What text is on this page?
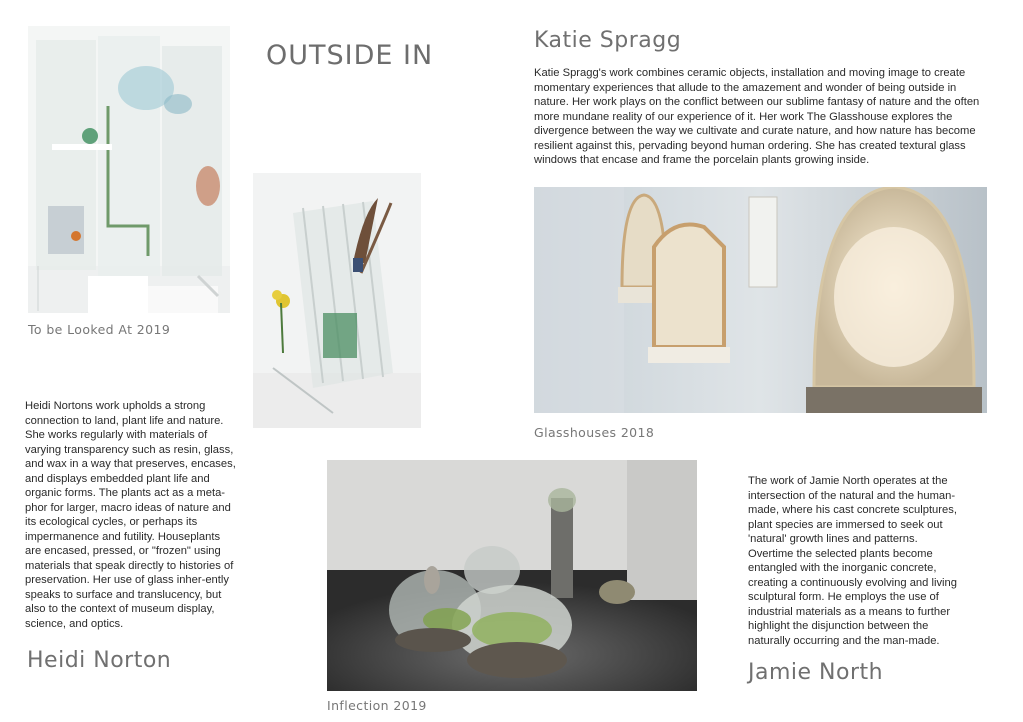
OUTSIDE IN	Katie Spragg

Katie Spragg's work combines ceramic objects, installation and moving image to create momentary experiences that allude to the amazement and wonder of being outside in nature. Her work plays on the conflict between our sublime fantasy of nature and the often more mundane reality of our experience of it. Her work The Glasshouse explores the divergence between the way we cultivate and curate nature, and how nature has become resilient against this, pervading beyond human ordering. She has created textural glass windows that encase and frame the porcelain plants growing inside.

To be Looked At 2019
Glasshouses 2018

Heidi Nortons work upholds a strong connection to land, plant life and nature. She works regularly with materials of varying transparency such as resin, glass, and wax in a way that preserves, encases, and displays embedded plant life and organic forms. The plants act as a meta-phor for larger, macro ideas of nature and its ecological cycles, or perhaps its impermanence and futility. Houseplants are encased, pressed, or "frozen" using materials that speak directly to histories of preservation. Her use of glass inher-ently speaks to surface and translucency, but also to the context of museum display, science, and optics.

Heidi Norton
Inflection 2019

The work of Jamie North operates at the intersection of the natural and the human-made, where his cast concrete sculptures, plant species are immersed to seek out 'natural' growth lines and patterns. Overtime the selected plants become entangled with the inorganic concrete, creating a continuously evolving and living sculptural form. He employs the use of industrial materials as a means to further highlight the disjunction between the naturally occurring and the man-made.

Jamie North
